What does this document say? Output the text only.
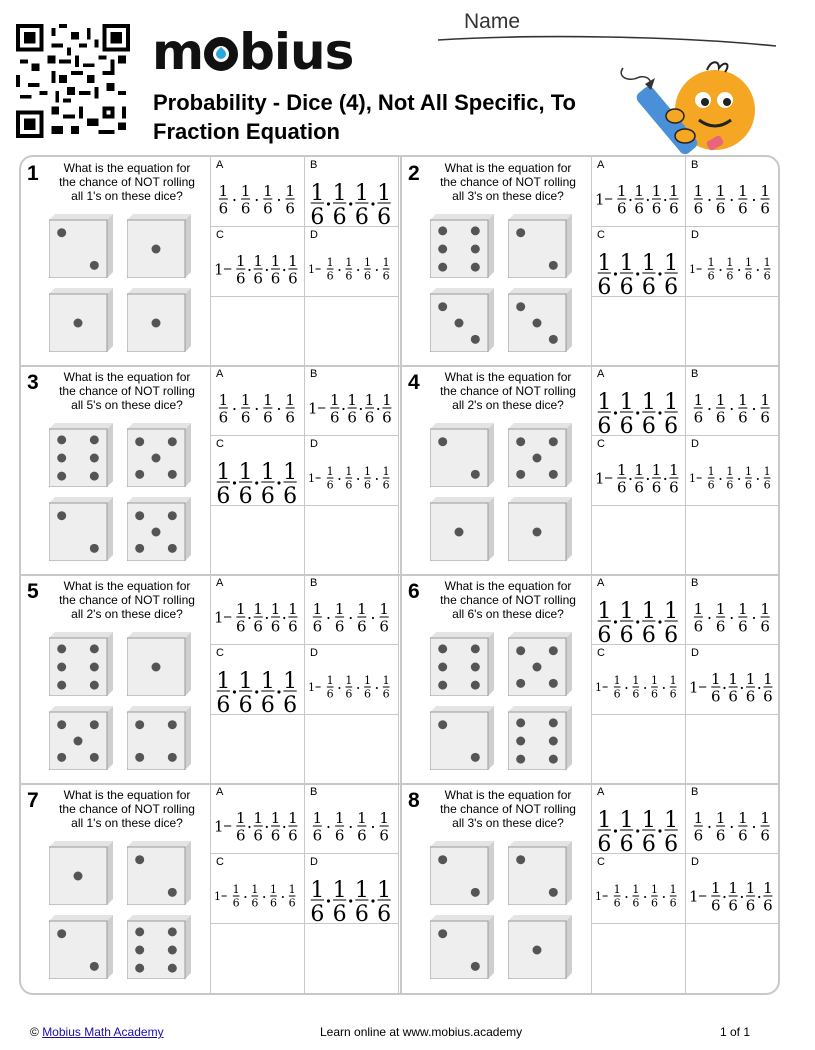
m bius
Probability - Dice (4), Not All Specific, To Fraction Equation
Name
1	What is the equation for the chance of NOT rolling all 1's on these dice?
A
1
6
1
6
1
6
1
6
B
1
6
1
6
1
6
1
6
C
1 1
6
1
6
1
6
1
6
D
1
1
6
1
6
1
6
1
6
2	What is the equation for the chance of NOT rolling all 3's on these dice?
A
1 1
6
1
6
1
6
1
6
B
1
6
1
6
1
6
1
6
C
1
6
1
6
1
6
1
6
D
1
1
6
1
6
1
6
1
6
3	What is the equation for the chance of NOT rolling all 5's on these dice?
A
1
6
1
6
1
6
1
6
B
1 1
6
1
6
1
6
1
6
C
1
6
1
6
1
6
1
6
D
1
1
6
1
6
1
6
1
6
4	What is the equation for the chance of NOT rolling all 2's on these dice?
A
1
6
1
6
1
6
1
6
B
1
6
1
6
1
6
1
6
C
1 1
6
1
6
1
6
1
6
D
1
1
6
1
6
1
6
1
6
5	What is the equation for the chance of NOT rolling all 2's on these dice?
A
1 1
6
1
6
1
6
1
6
B
1
6
1
6
1
6
1
6
C
1
6
1
6
1
6
1
6
D
1
1
6
1
6
1
6
1
6
6	What is the equation for the chance of NOT rolling all 6's on these dice?
A
1
6
1
6
1
6
1
6
B
1
6
1
6
1
6
1
6
C
1
1
6
1
6
1
6
1
6
D
1 1
6
1
6
1
6
1
6
7	What is the equation for the chance of NOT rolling all 1's on these dice?
A
1 1
6
1
6
1
6
1
6
B
1
6
1
6
1
6
1
6
C
1
1
6
1
6
1
6
1
6
D
1
6
1
6
1
6
1
6
8	What is the equation for the chance of NOT rolling all 3's on these dice?
A
1
6
1
6
1
6
1
6
B
1
6
1
6
1
6
1
6
C
1
1
6
1
6
1
6
1
6
D
1 1
6
1
6
1
6
1
6
© Mobius Math Academy	Learn online at www.mobius.academy	1 of 1
